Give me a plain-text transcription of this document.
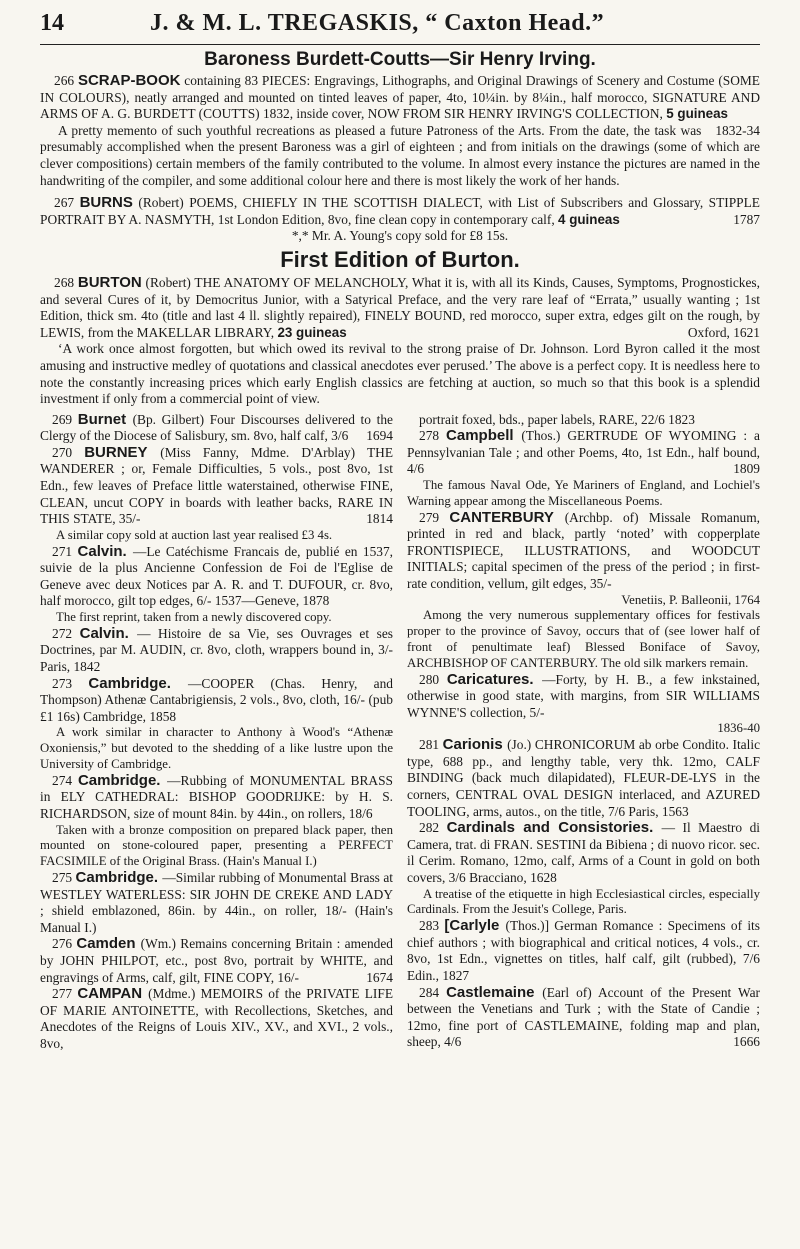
14	J. & M. L. TREGASKIS, “ Caxton Head.”
Baroness Burdett-Coutts—Sir Henry Irving.

266 SCRAP-BOOK containing 83 PIECES: Engravings, Lithographs, and Original Drawings of Scenery and Costume (SOME IN COLOURS), neatly arranged and mounted on tinted leaves of paper, 4to, 10¼in. by 8¼in., half morocco, SIGNATURE AND ARMS OF A. G. BURDETT (COUTTS) 1832, inside cover, NOW FROM SIR HENRY IRVING'S COLLECTION, 5 guineas
1832-34

A pretty memento of such youthful recreations as pleased a future Patroness of the Arts. From the date, the task was presumably accomplished when the present Baroness was a girl of eighteen ; and from initials on the drawings (some of which are clever compositions) certain members of the family contributed to the volume. In almost every instance the pictures are named in the handwriting of the compiler, and some additional colour here and there is most likely the work of her hands.

267 BURNS (Robert) POEMS, CHIEFLY IN THE SCOTTISH DIALECT, with List of Subscribers and Glossary, STIPPLE PORTRAIT BY A. NASMYTH, 1st London Edition, 8vo, fine clean copy in contemporary calf, 4 guineas	1787

*,* Mr. A. Young's copy sold for £8 15s.

First Edition of Burton.

268 BURTON (Robert) THE ANATOMY OF MELANCHOLY, What it is, with all its Kinds, Causes, Symptoms, Prognostickes, and several Cures of it, by Democritus Junior, with a Satyrical Preface, and the very rare leaf of “Errata,” usually wanting ; 1st Edition, thick sm. 4to (title and last 4 ll. slightly repaired), FINELY BOUND, red morocco, super extra, edges gilt on the rough, by LEWIS, from the MAKELLAR LIBRARY, 23 guineas	Oxford, 1621

‘A work once almost forgotten, but which owed its revival to the strong praise of Dr. Johnson. Lord Byron called it the most amusing and instructive medley of quotations and classical anecdotes ever perused.’ The above is a perfect copy. It is needless here to note the constantly increasing prices which early English classics are fetching at auction, so much so that this book is a splendid investment if only from a commercial point of view.

269 Burnet (Bp. Gilbert) Four Discourses delivered to the Clergy of the Diocese of Salisbury, sm. 8vo, half calf, 3/6	1694

270 BURNEY (Miss Fanny, Mdme. D'Arblay) THE WANDERER ; or, Female Difficulties, 5 vols., post 8vo, 1st Edn., few leaves of Preface little waterstained, otherwise FINE, CLEAN, uncut COPY in boards with leather backs, RARE IN THIS STATE, 35/-	1814

A similar copy sold at auction last year realised £3 4s.

271 Calvin. —Le Catéchisme Francais de, publié en 1537, suivie de la plus Ancienne Confession de Foi de l'Eglise de Geneve avec deux Notices par A. R. and T. DUFOUR, cr. 8vo, half morocco, gilt top edges, 6/- 1537—Geneve, 1878

The first reprint, taken from a newly discovered copy.

272 Calvin. — Histoire de sa Vie, ses Ouvrages et ses Doctrines, par M. AUDIN, cr. 8vo, cloth, wrappers bound in, 3/- Paris, 1842

273 Cambridge. —COOPER (Chas. Henry, and Thompson) Athenæ Cantabrigiensis, 2 vols., 8vo, cloth, 16/- (pub £1 16s) Cambridge, 1858

A work similar in character to Anthony à Wood's “Athenæ Oxoniensis,” but devoted to the shedding of a like lustre upon the University of Cambridge.

274 Cambridge. —Rubbing of MONUMENTAL BRASS in ELY CATHEDRAL: BISHOP GOODRIJKE: by H. S. RICHARDSON, size of mount 84in. by 44in., on rollers, 18/6

Taken with a bronze composition on prepared black paper, then mounted on stone-coloured paper, presenting a PERFECT FACSIMILE of the Original Brass. (Hain's Manual I.)

275 Cambridge. —Similar rubbing of Monumental Brass at WESTLEY WATERLESS: SIR JOHN DE CREKE AND LADY ; shield emblazoned, 86in. by 44in., on roller, 18/- (Hain's Manual I.)

276 Camden (Wm.) Remains concerning Britain : amended by JOHN PHILPOT, etc., post 8vo, portrait by WHITE, and engravings of Arms, calf, gilt, FINE COPY, 16/-	1674

277 CAMPAN (Mdme.) MEMOIRS of the PRIVATE LIFE OF MARIE ANTOINETTE, with Recollections, Sketches, and Anecdotes of the Reigns of Louis XIV., XV., and XVI., 2 vols., 8vo,

portrait foxed, bds., paper labels, RARE, 22/6 1823

278 Campbell (Thos.) GERTRUDE OF WYOMING : a Pennsylvanian Tale ; and other Poems, 4to, 1st Edn., half bound, 4/6	1809

The famous Naval Ode, Ye Mariners of England, and Lochiel's Warning appear among the Miscellaneous Poems.

279 CANTERBURY (Archbp. of) Missale Romanum, printed in red and black, partly ‘noted’ with copperplate FRONTISPIECE, ILLUSTRATIONS, and WOODCUT INITIALS; capital specimen of the press of the period ; in first-rate condition, vellum, gilt edges, 35/-

Venetiis, P. Balleonii, 1764

Among the very numerous supplementary offices for festivals proper to the province of Savoy, occurs that of (see lower half of front of penultimate leaf) Blessed Boniface of Savoy, ARCHBISHOP OF CANTERBURY. The old silk markers remain.

280 Caricatures. —Forty, by H. B., a few inkstained, otherwise in good state, with margins, from SIR WILLIAMS WYNNE'S collection, 5/-

1836-40

281 Carionis (Jo.) CHRONICORUM ab orbe Condito. Italic type, 688 pp., and lengthy table, very thk. 12mo, CALF BINDING (back much dilapidated), FLEUR-DE-LYS in the corners, CENTRAL OVAL DESIGN interlaced, and AZURED TOOLING, arms, autos., on the title, 7/6 Paris, 1563

282 Cardinals and Consistories. — Il Maestro di Camera, trat. di FRAN. SESTINI da Bibiena ; di nuovo ricor. sec. il Cerim. Romano, 12mo, calf, Arms of a Count in gold on both covers, 3/6 Bracciano, 1628

A treatise of the etiquette in high Ecclesiastical circles, especially Cardinals. From the Jesuit's College, Paris.

283 [Carlyle (Thos.)] German Romance : Specimens of its chief authors ; with biographical and critical notices, 4 vols., cr. 8vo, 1st Edn., vignettes on titles, half calf, gilt (rubbed), 7/6 Edin., 1827

284 Castlemaine (Earl of) Account of the Present War between the Venetians and Turk ; with the State of Candie ; 12mo, fine port of CASTLEMAINE, folding map and plan, sheep, 4/6	1666
